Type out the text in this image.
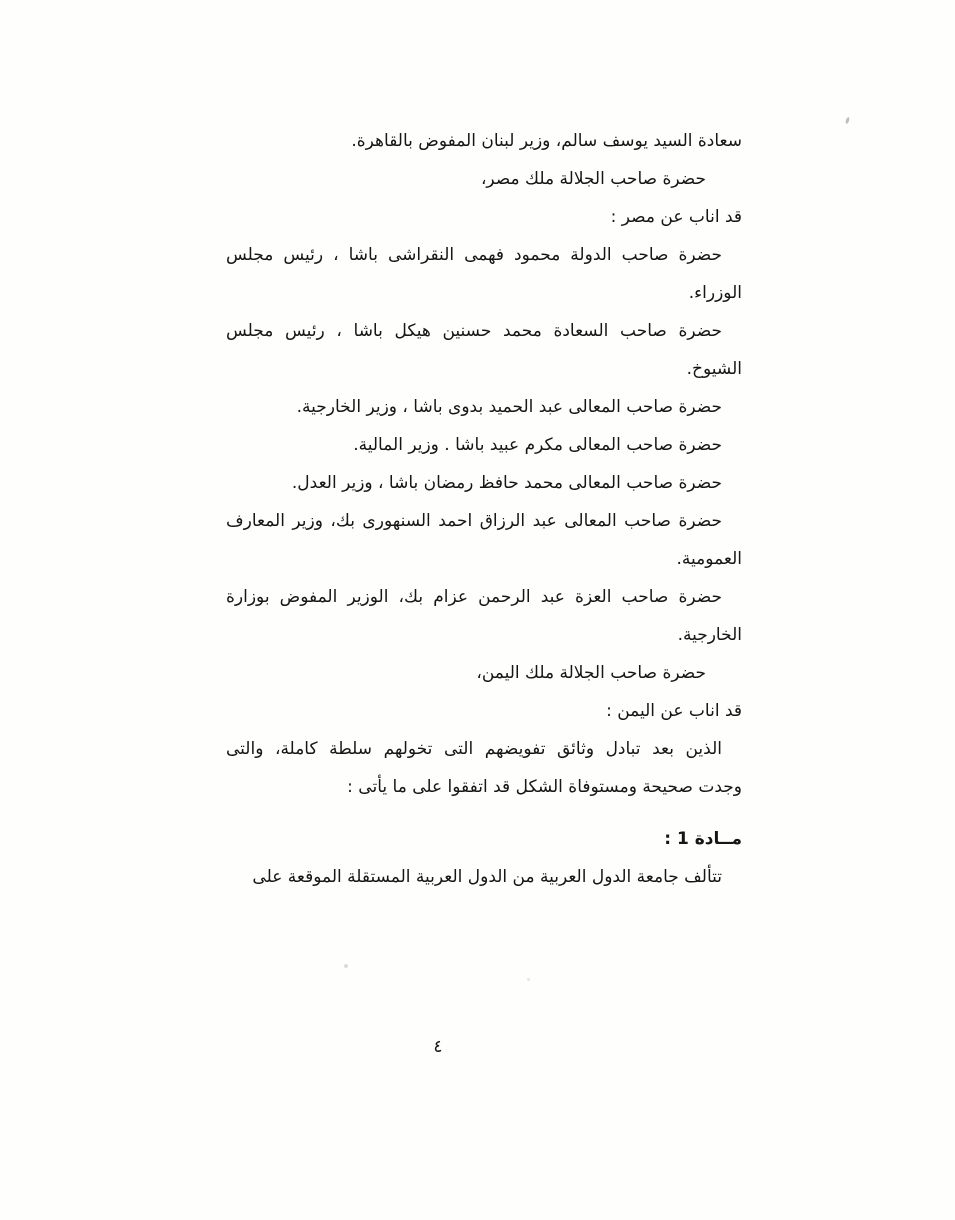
سعادة السيد يوسف سالم، وزير لبنان المفوض بالقاهرة.
حضرة صاحب الجلالة ملك مصر،
قد اناب عن مصر :
حضرة صاحب الدولة محمود فهمى النقراشى باشا ، رئيس مجلس
الوزراء.
حضرة صاحب السعادة محمد حسنين هيكل باشا ، رئيس مجلس
الشيوخ.
حضرة صاحب المعالى عبد الحميد بدوى باشا ، وزير الخارجية.
حضرة صاحب المعالى مكرم عبيد باشا . وزير المالية.
حضرة صاحب المعالى محمد حافظ رمضان باشا ، وزير العدل.
حضرة صاحب المعالى عبد الرزاق احمد السنهورى بك، وزير المعارف
العمومية.
حضرة صاحب العزة عبد الرحمن عزام بك، الوزير المفوض بوزارة
الخارجية.
حضرة صاحب الجلالة ملك اليمن،
قد اناب عن اليمن :
الذين بعد تبادل وثائق تفويضهم التى تخولهم سلطة كاملة، والتى
وجدت صحيحة ومستوفاة الشكل قد اتفقوا على ما يأتى :
مــادة 1 :
تتألف جامعة الدول العربية من الدول العربية المستقلة الموقعة على
٤
